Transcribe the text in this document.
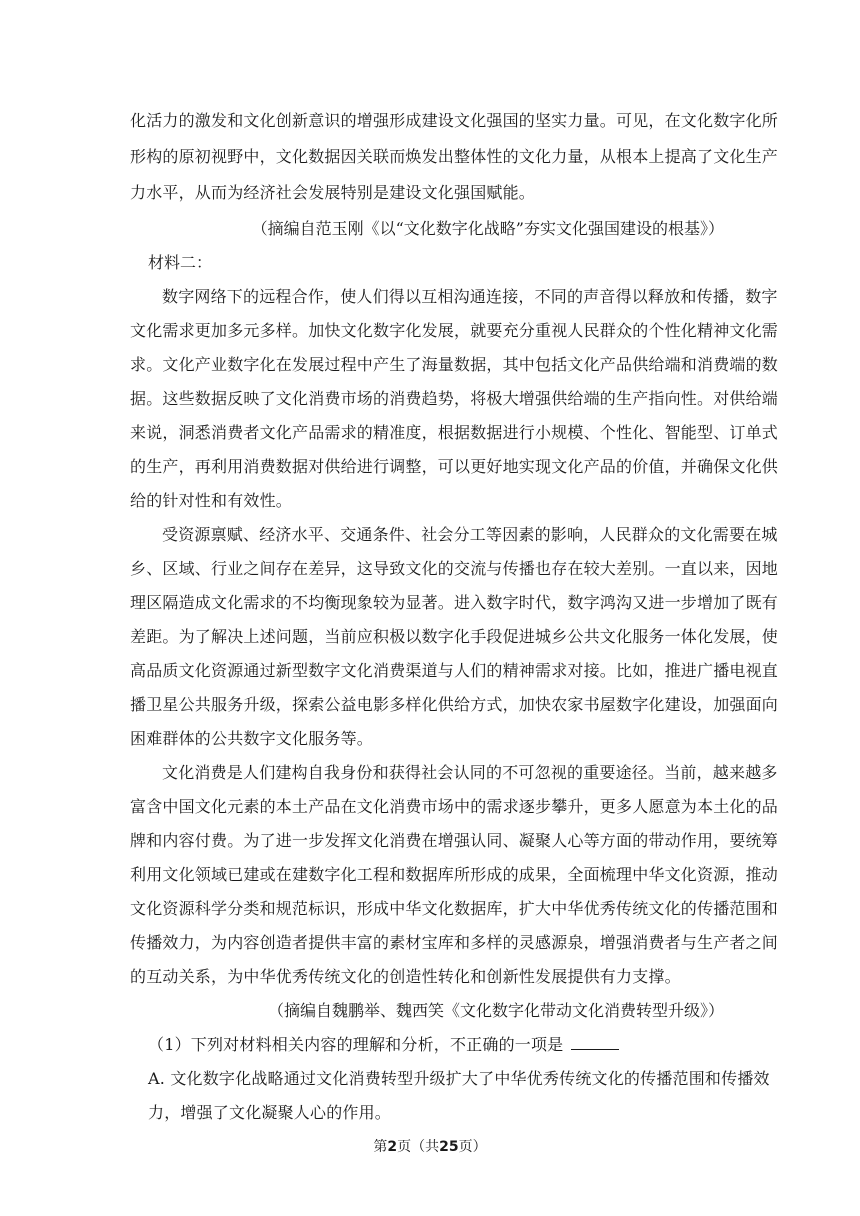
化活力的激发和文化创新意识的增强形成建设文化强国的坚实力量。可见，在文化数字化所
形构的原初视野中，文化数据因关联而焕发出整体性的文化力量，从根本上提高了文化生产
力水平，从而为经济社会发展特别是建设文化强国赋能。
（摘编自范玉刚《以“文化数字化战略”夯实文化强国建设的根基》）
材料二：
数字网络下的远程合作，使人们得以互相沟通连接，不同的声音得以释放和传播，数字
文化需求更加多元多样。加快文化数字化发展，就要充分重视人民群众的个性化精神文化需
求。文化产业数字化在发展过程中产生了海量数据，其中包括文化产品供给端和消费端的数
据。这些数据反映了文化消费市场的消费趋势，将极大增强供给端的生产指向性。对供给端
来说，洞悉消费者文化产品需求的精准度，根据数据进行小规模、个性化、智能型、订单式
的生产，再利用消费数据对供给进行调整，可以更好地实现文化产品的价值，并确保文化供
给的针对性和有效性。
受资源禀赋、经济水平、交通条件、社会分工等因素的影响，人民群众的文化需要在城
乡、区域、行业之间存在差异，这导致文化的交流与传播也存在较大差别。一直以来，因地
理区隔造成文化需求的不均衡现象较为显著。进入数字时代，数字鸿沟又进一步增加了既有
差距。为了解决上述问题，当前应积极以数字化手段促进城乡公共文化服务一体化发展，使
高品质文化资源通过新型数字文化消费渠道与人们的精神需求对接。比如，推进广播电视直
播卫星公共服务升级，探索公益电影多样化供给方式，加快农家书屋数字化建设，加强面向
困难群体的公共数字文化服务等。
文化消费是人们建构自我身份和获得社会认同的不可忽视的重要途径。当前，越来越多
富含中国文化元素的本土产品在文化消费市场中的需求逐步攀升，更多人愿意为本土化的品
牌和内容付费。为了进一步发挥文化消费在增强认同、凝聚人心等方面的带动作用，要统筹
利用文化领域已建或在建数字化工程和数据库所形成的成果，全面梳理中华文化资源，推动
文化资源科学分类和规范标识，形成中华文化数据库，扩大中华优秀传统文化的传播范围和
传播效力，为内容创造者提供丰富的素材宝库和多样的灵感源泉，增强消费者与生产者之间
的互动关系，为中华优秀传统文化的创造性转化和创新性发展提供有力支撑。
（摘编自魏鹏举、魏西笑《文化数字化带动文化消费转型升级》）
（1）下列对材料相关内容的理解和分析，不正确的一项是
A. 文化数字化战略通过文化消费转型升级扩大了中华优秀传统文化的传播范围和传播效
力，增强了文化凝聚人心的作用。
第2页（共25页）
